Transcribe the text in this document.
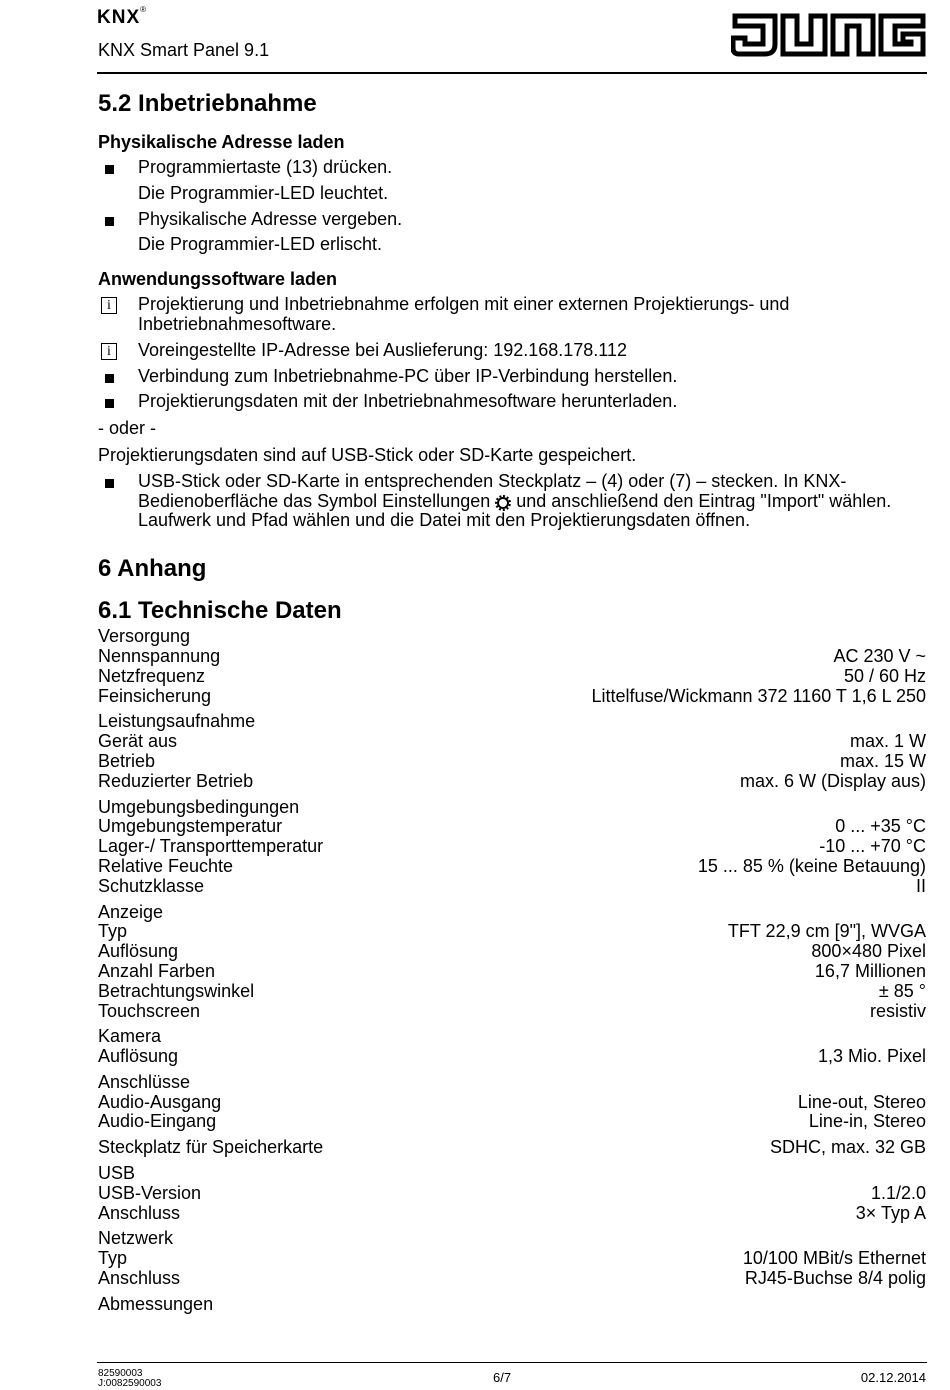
KNX®
KNX Smart Panel 9.1
5.2 Inbetriebnahme
Physikalische Adresse laden
Programmiertaste (13) drücken.
Die Programmier-LED leuchtet.
Physikalische Adresse vergeben.
Die Programmier-LED erlischt.
Anwendungssoftware laden
i	Projektierung und Inbetriebnahme erfolgen mit einer externen Projektierungs- und Inbetriebnahmesoftware.
i	Voreingestellte IP-Adresse bei Auslieferung: 192.168.178.112
Verbindung zum Inbetriebnahme-PC über IP-Verbindung herstellen.
Projektierungsdaten mit der Inbetriebnahmesoftware herunterladen.
- oder -
Projektierungsdaten sind auf USB-Stick oder SD-Karte gespeichert.
USB-Stick oder SD-Karte in entsprechenden Steckplatz – (4) oder (7) – stecken. In KNX-Bedienoberfläche das Symbol Einstellungen und anschließend den Eintrag "Import" wählen. Laufwerk und Pfad wählen und die Datei mit den Projektierungsdaten öffnen.
6 Anhang
6.1 Technische Daten
Versorgung
Nennspannung	AC 230 V ~
Netzfrequenz	50 / 60 Hz
Feinsicherung	Littelfuse/Wickmann 372 1160 T 1,6 L 250
Leistungsaufnahme
Gerät aus	max. 1 W
Betrieb	max. 15 W
Reduzierter Betrieb	max. 6 W (Display aus)
Umgebungsbedingungen
Umgebungstemperatur	0 ... +35 °C
Lager-/ Transporttemperatur	-10 ... +70 °C
Relative Feuchte	15 ... 85 % (keine Betauung)
Schutzklasse	II
Anzeige
Typ	TFT 22,9 cm [9"], WVGA
Auflösung	800×480 Pixel
Anzahl Farben	16,7 Millionen
Betrachtungswinkel	± 85 °
Touchscreen	resistiv
Kamera
Auflösung	1,3 Mio. Pixel
Anschlüsse
Audio-Ausgang	Line-out, Stereo
Audio-Eingang	Line-in, Stereo
Steckplatz für Speicherkarte	SDHC, max. 32 GB
USB
USB-Version	1.1/2.0
Anschluss	3× Typ A
Netzwerk
Typ	10/100 MBit/s Ethernet
Anschluss	RJ45-Buchse 8/4 polig
Abmessungen
82590003
J:0082590003	6/7	02.12.2014
